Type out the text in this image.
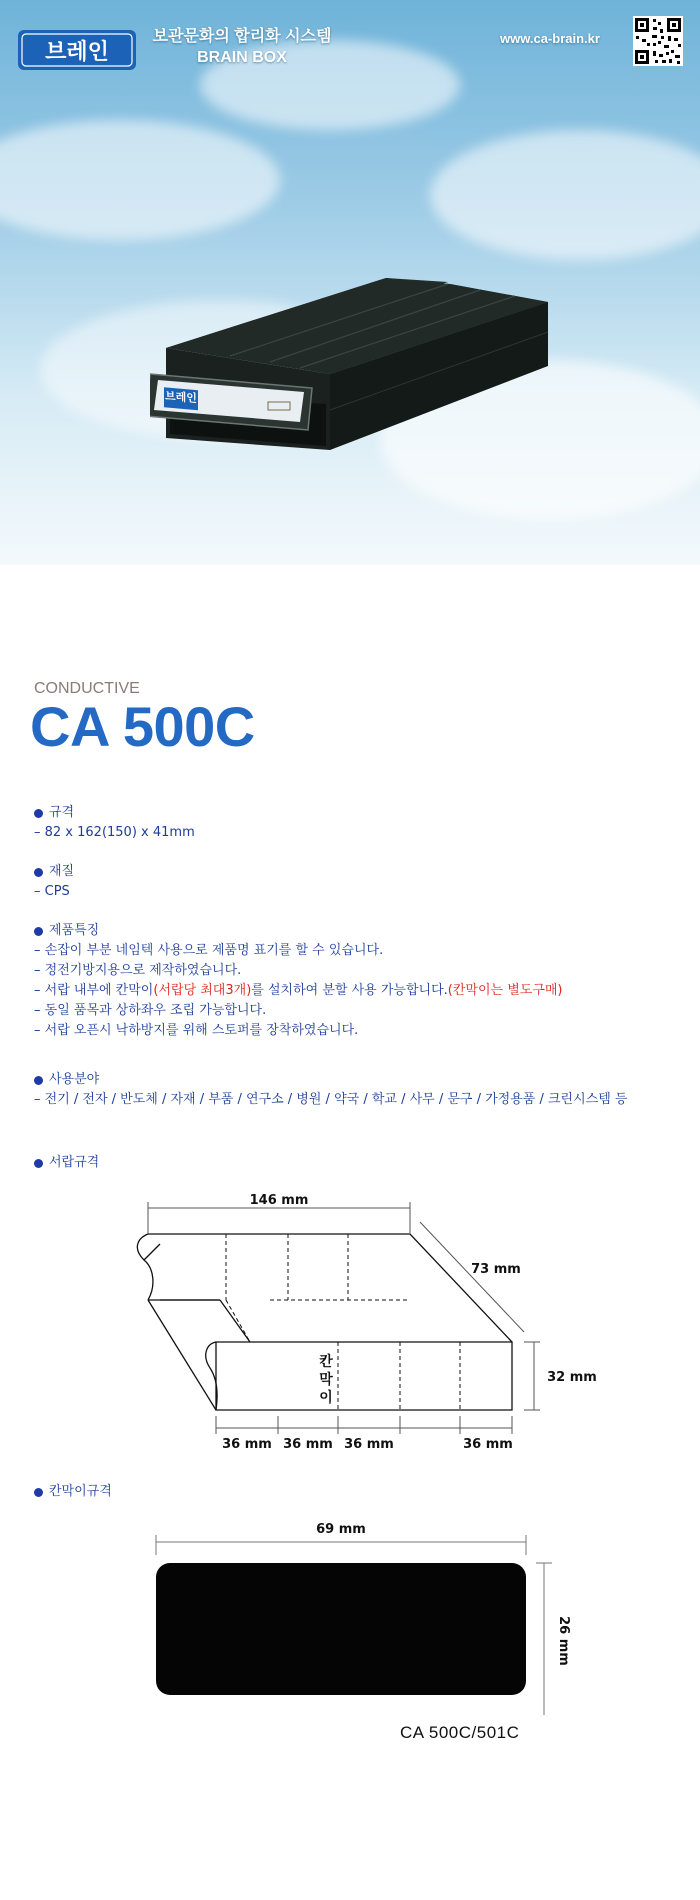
브레인
보관문화의 합리화 시스템
BRAIN BOX
www.ca-brain.kr
브레인
CONDUCTIVE
CA 500C
규격
– 82 x 162(150) x 41mm
재질
– CPS
제품특징
– 손잡이 부분 네임텍 사용으로 제품명 표기를 할 수 있습니다.
– 정전기방지용으로 제작하였습니다.
– 서랍 내부에 칸막이(서랍당 최대3개)를 설치하여 분할 사용 가능합니다.(칸막이는 별도구매)
– 동일 품목과 상하좌우 조립 가능합니다.
– 서랍 오픈시 낙하방지를 위해 스토퍼를 장착하였습니다.
사용분야
– 전기 / 전자 / 반도체 / 자재 / 부품 / 연구소 / 병원 / 약국 / 학교 / 사무 / 문구 / 가정용품 / 크린시스템 등
서랍규격
146 mm
73 mm
32 mm
36 mm 36 mm 36 mm	36 mm
칸
막
이
칸막이규격
69 mm
26 mm
CA 500C/501C
